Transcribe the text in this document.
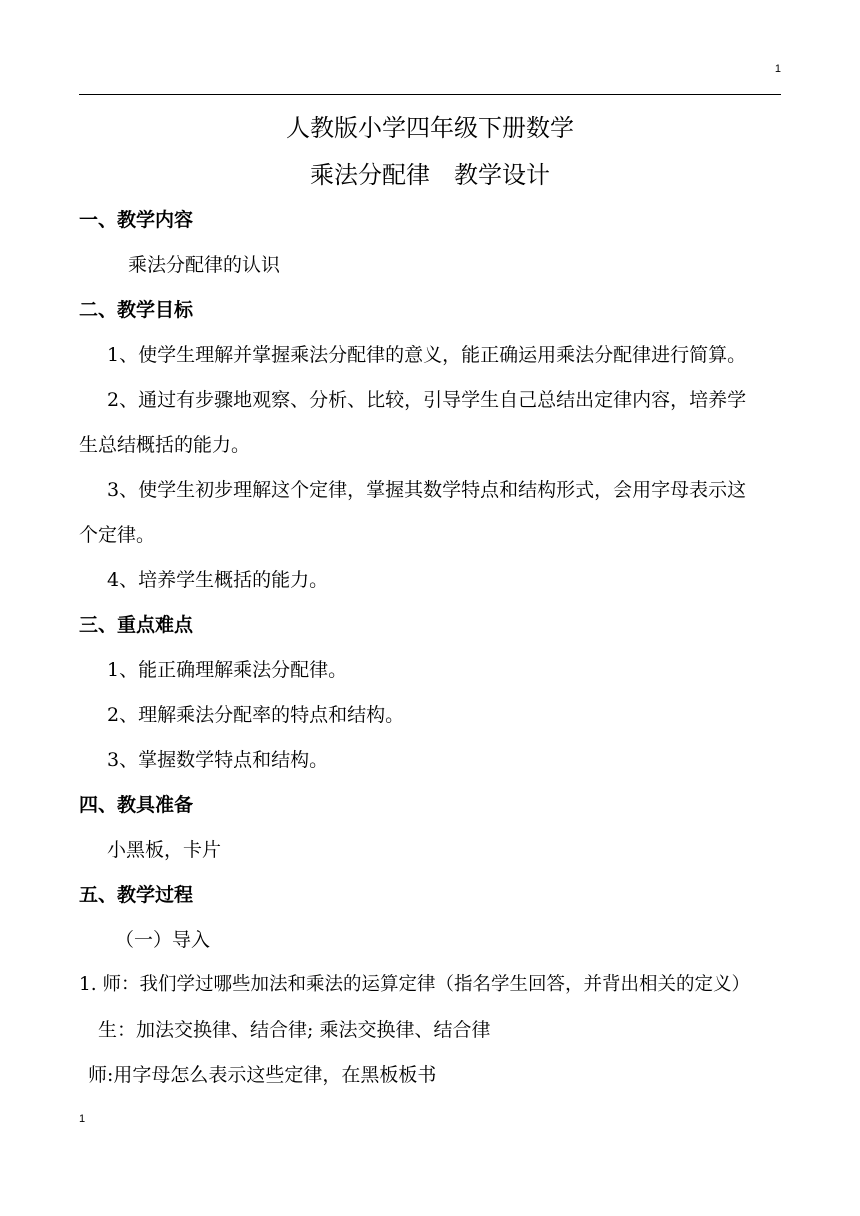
1
人教版小学四年级下册数学
乘法分配律　教学设计
一、教学内容
乘法分配律的认识
二、教学目标
1、使学生理解并掌握乘法分配律的意义，能正确运用乘法分配律进行简算。
2、通过有步骤地观察、分析、比较，引导学生自己总结出定律内容，培养学
生总结概括的能力。
3、使学生初步理解这个定律，掌握其数学特点和结构形式，会用字母表示这
个定律。
4、培养学生概括的能力。
三、重点难点
1、能正确理解乘法分配律。
2、理解乘法分配率的特点和结构。
3、掌握数学特点和结构。
四、教具准备
小黑板，卡片
五、教学过程
（一）导入
1. 师：我们学过哪些加法和乘法的运算定律（指名学生回答，并背出相关的定义）
生：加法交换律、结合律; 乘法交换律、结合律
师:用字母怎么表示这些定律，在黑板板书
1
